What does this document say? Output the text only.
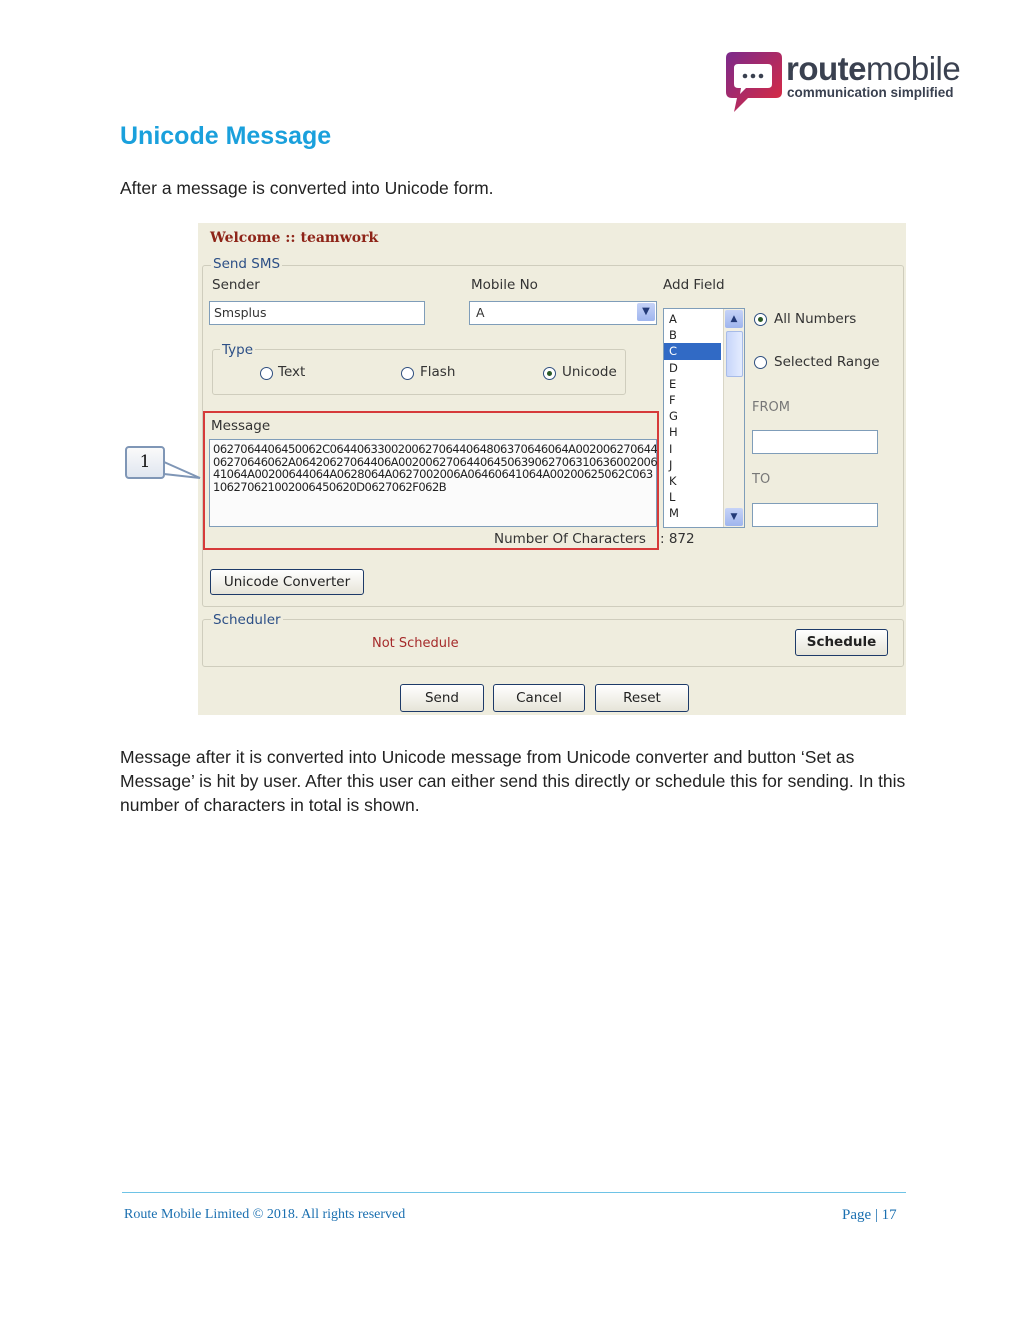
routemobile
communication simplified
Unicode Message
After a message is converted into Unicode form.
Welcome :: teamwork
Send SMS
Sender
Smsplus
Mobile No
A	▼
Add Field
A
B
C
D
E
F
G
H
I
J
K
L
M
▲
▼
All Numbers
Selected Range
FROM
TO
Type
Text	Flash	Unicode
Message
0627064406450062C06440633002006270644064806370646064A00200627064406270646062A06420627064406A0020062706440645063906270631063600200641064A00200644064A0628064A0627002006A06460641064A00200625062C063106270621002006450620D0627062F062B
Number Of Characters : 872
Unicode Converter
Scheduler
Not Schedule	Schedule
Send	Cancel	Reset
1
Message after it is converted into Unicode message from Unicode converter and button ‘Set as Message’ is hit by user. After this user can either send this directly or schedule this for sending. In this number of characters in total is shown.
Route Mobile Limited © 2018. All rights reserved	Page | 17
